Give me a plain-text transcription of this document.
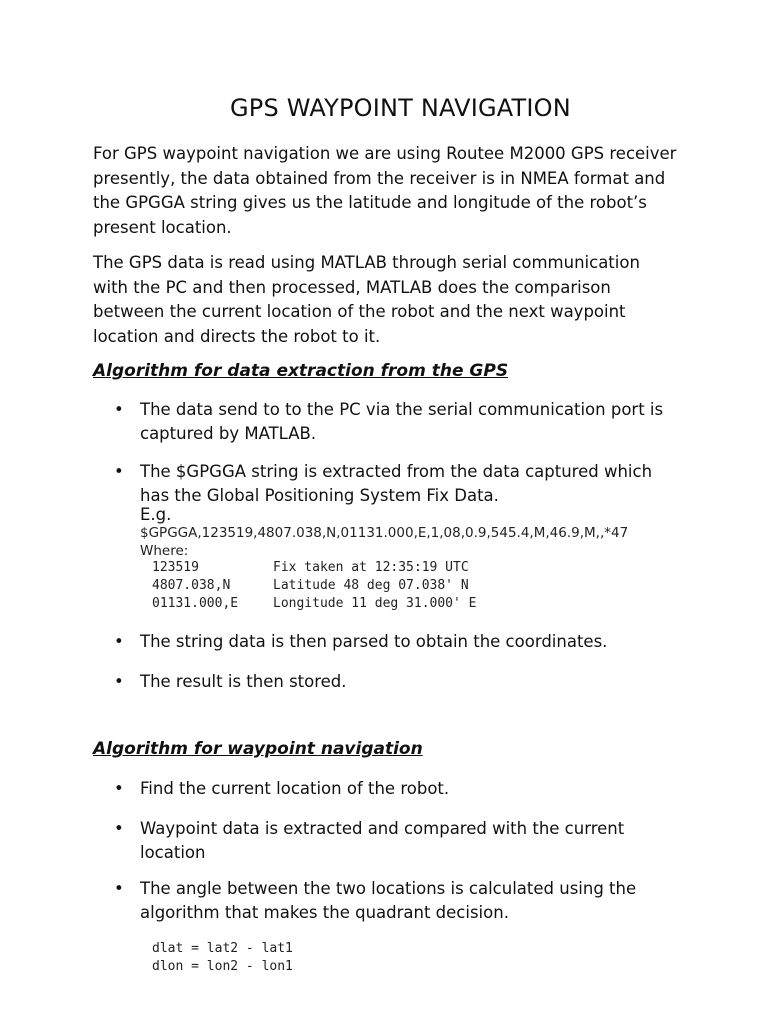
GPS WAYPOINT NAVIGATION

For GPS waypoint navigation we are using Routee M2000 GPS receiver presently, the data obtained from the receiver is in NMEA format and the GPGGA string gives us the latitude and longitude of the robot’s present location.

The GPS data is read using MATLAB through serial communication with the PC and then processed, MATLAB does the comparison between the current location of the robot and the next waypoint location and directs the robot to it.

Algorithm for data extraction from the GPS
• The data send to to the PC via the serial communication port is captured by MATLAB.
• The $GPGGA string is extracted from the data captured which has the Global Positioning System Fix Data.
E.g.
$GPGGA,123519,4807.038,N,01131.000,E,1,08,0.9,545.4,M,46.9,M,,*47
Where:
123519	Fix taken at 12:35:19 UTC
4807.038,N	Latitude 48 deg 07.038' N
01131.000,E	Longitude 11 deg 31.000' E
• The string data is then parsed to obtain the coordinates.
• The result is then stored.
Algorithm for waypoint navigation
• Find the current location of the robot.
• Waypoint data is extracted and compared with the current location
• The angle between the two locations is calculated using the algorithm that makes the quadrant decision.
dlat = lat2 - lat1
dlon = lon2 - lon1
